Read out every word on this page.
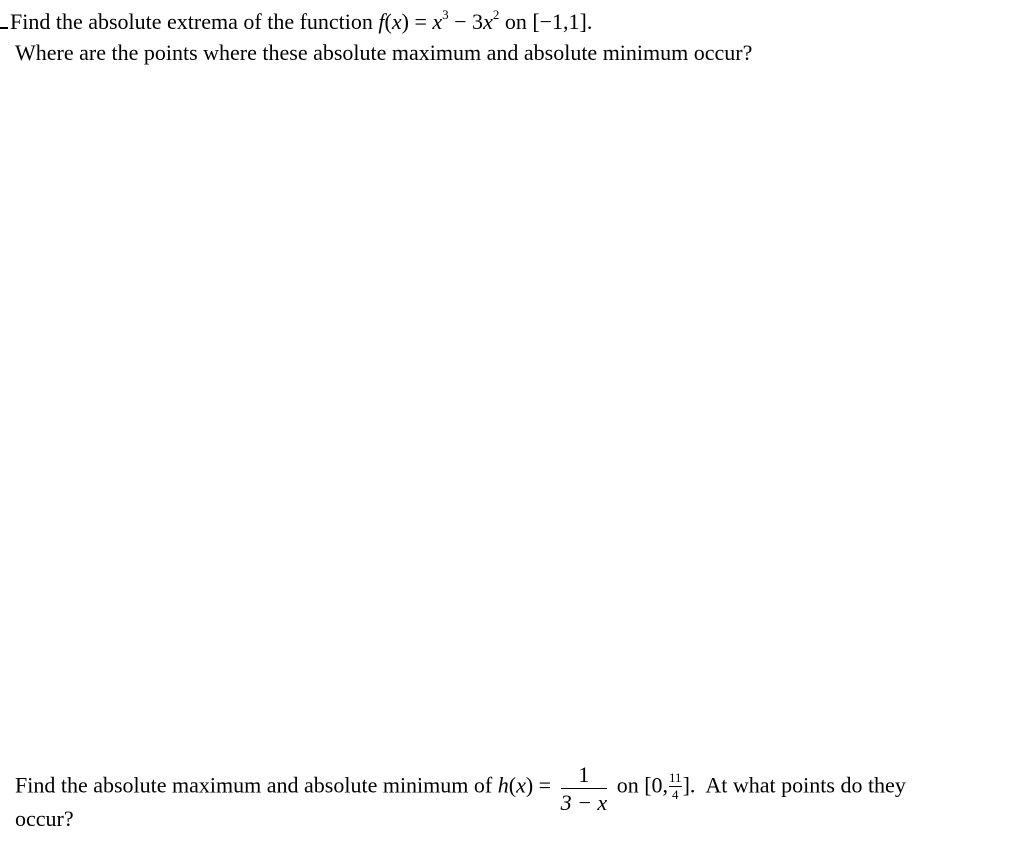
Find the absolute extrema of the function $f(x) = x^3 - 3x^2$ on [−1,1].
Where are the points where these absolute maximum and absolute minimum occur?
Find the absolute maximum and absolute minimum of $h(x) = \frac{1}{3 - x}$ on [0, $\frac{11}{4}$ ]. At what points do they
occur?
